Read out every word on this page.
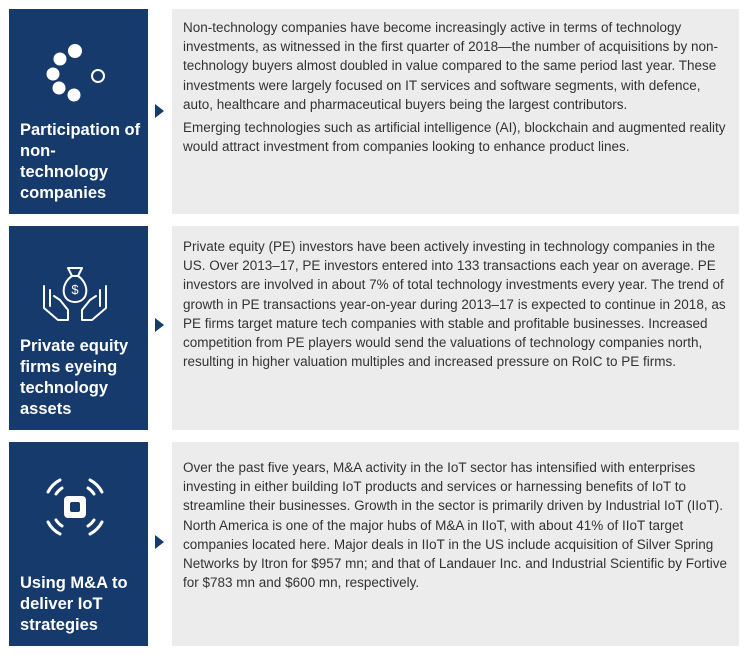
Participation of non-technology companies

Non-technology companies have become increasingly active in terms of technology investments, as witnessed in the first quarter of 2018—the number of acquisitions by non-technology buyers almost doubled in value compared to the same period last year. These investments were largely focused on IT services and software segments, with defence, auto, healthcare and pharmaceutical buyers being the largest contributors.

Emerging technologies such as artificial intelligence (AI), blockchain and augmented reality would attract investment from companies looking to enhance product lines.

$
Private equity firms eyeing technology assets

Private equity (PE) investors have been actively investing in technology companies in the US. Over 2013–17, PE investors entered into 133 transactions each year on average. PE investors are involved in about 7% of total technology investments every year. The trend of growth in PE transactions year-on-year during 2013–17 is expected to continue in 2018, as PE firms target mature tech companies with stable and profitable businesses. Increased competition from PE players would send the valuations of technology companies north, resulting in higher valuation multiples and increased pressure on RoIC to PE firms.

Using M&A to deliver IoT strategies

Over the past five years, M&A activity in the IoT sector has intensified with enterprises investing in either building IoT products and services or harnessing benefits of IoT to streamline their businesses. Growth in the sector is primarily driven by Industrial IoT (IIoT). North America is one of the major hubs of M&A in IIoT, with about 41% of IIoT target companies located here. Major deals in IIoT in the US include acquisition of Silver Spring Networks by Itron for $957 mn; and that of Landauer Inc. and Industrial Scientific by Fortive for $783 mn and $600 mn, respectively.
